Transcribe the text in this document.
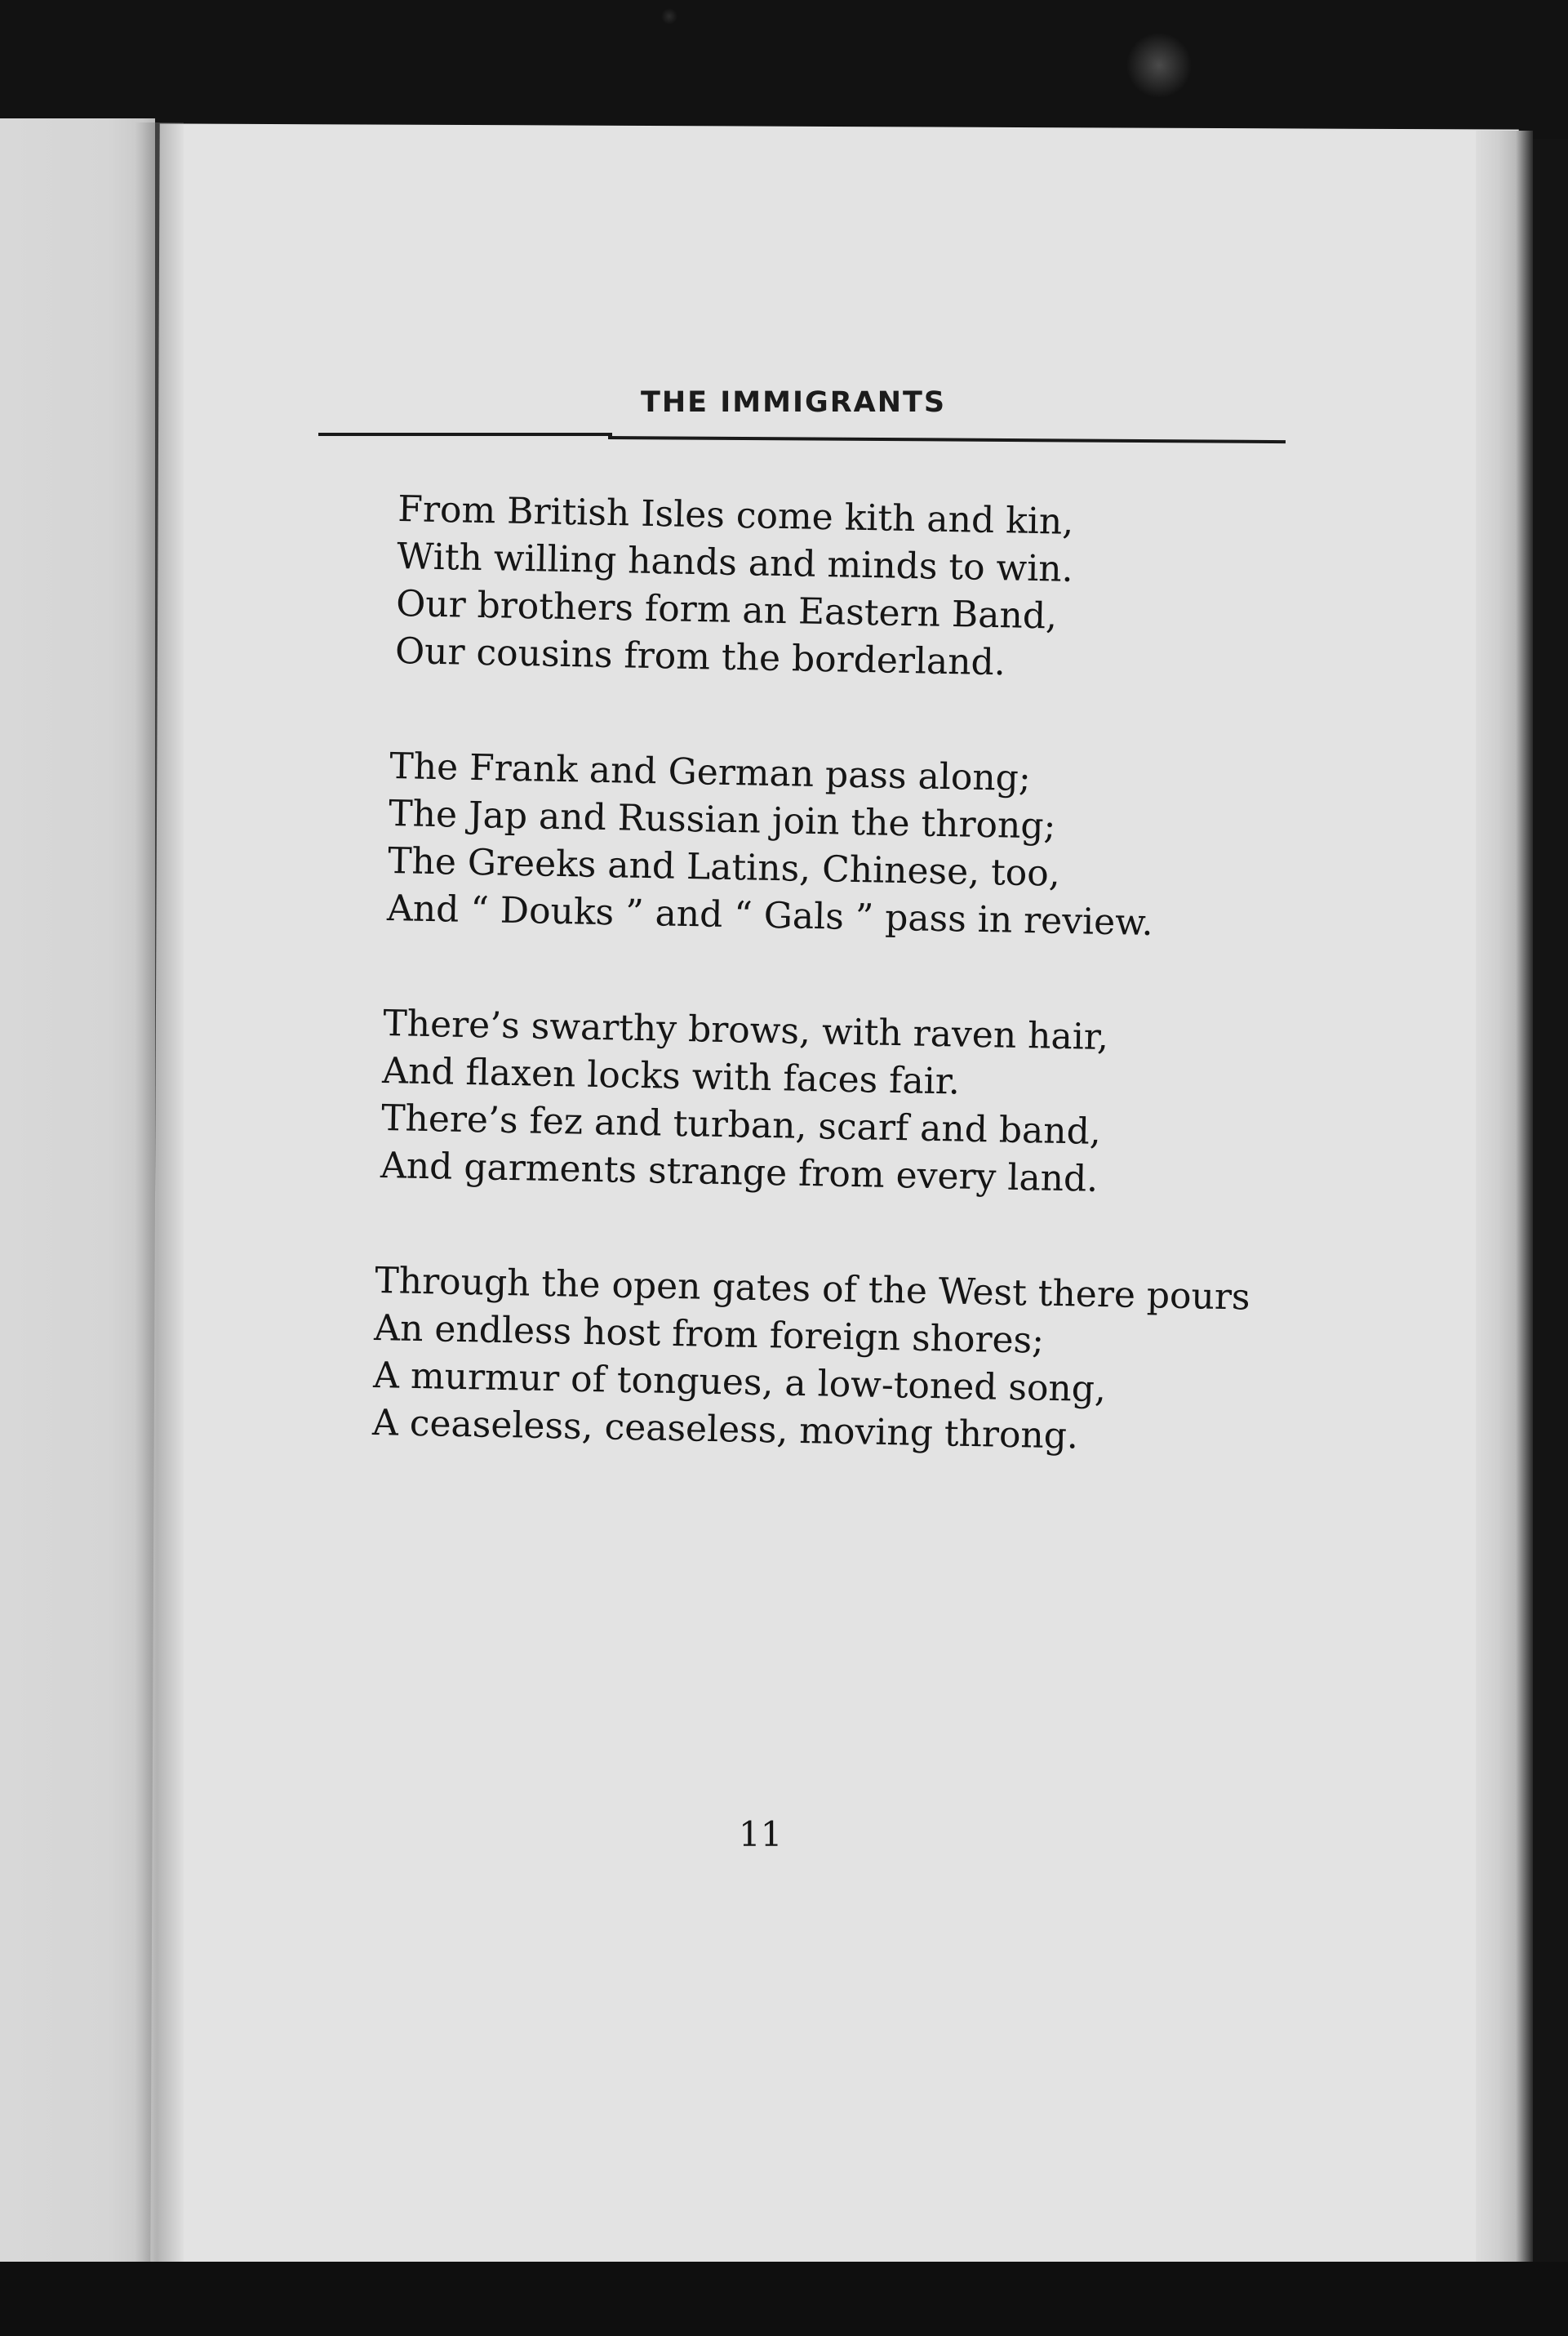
THE IMMIGRANTS
From British Isles come kith and kin,
With willing hands and minds to win.
Our brothers form an Eastern Band,
Our cousins from the borderland.
The Frank and German pass along;
The Jap and Russian join the throng;
The Greeks and Latins, Chinese, too,
And “ Douks ” and “ Gals ” pass in review.
There’s swarthy brows, with raven hair,
And flaxen locks with faces fair.
There’s fez and turban, scarf and band,
And garments strange from every land.
Through the open gates of the West there pours
An endless host from foreign shores;
A murmur of tongues, a low-toned song,
A ceaseless, ceaseless, moving throng.
11
